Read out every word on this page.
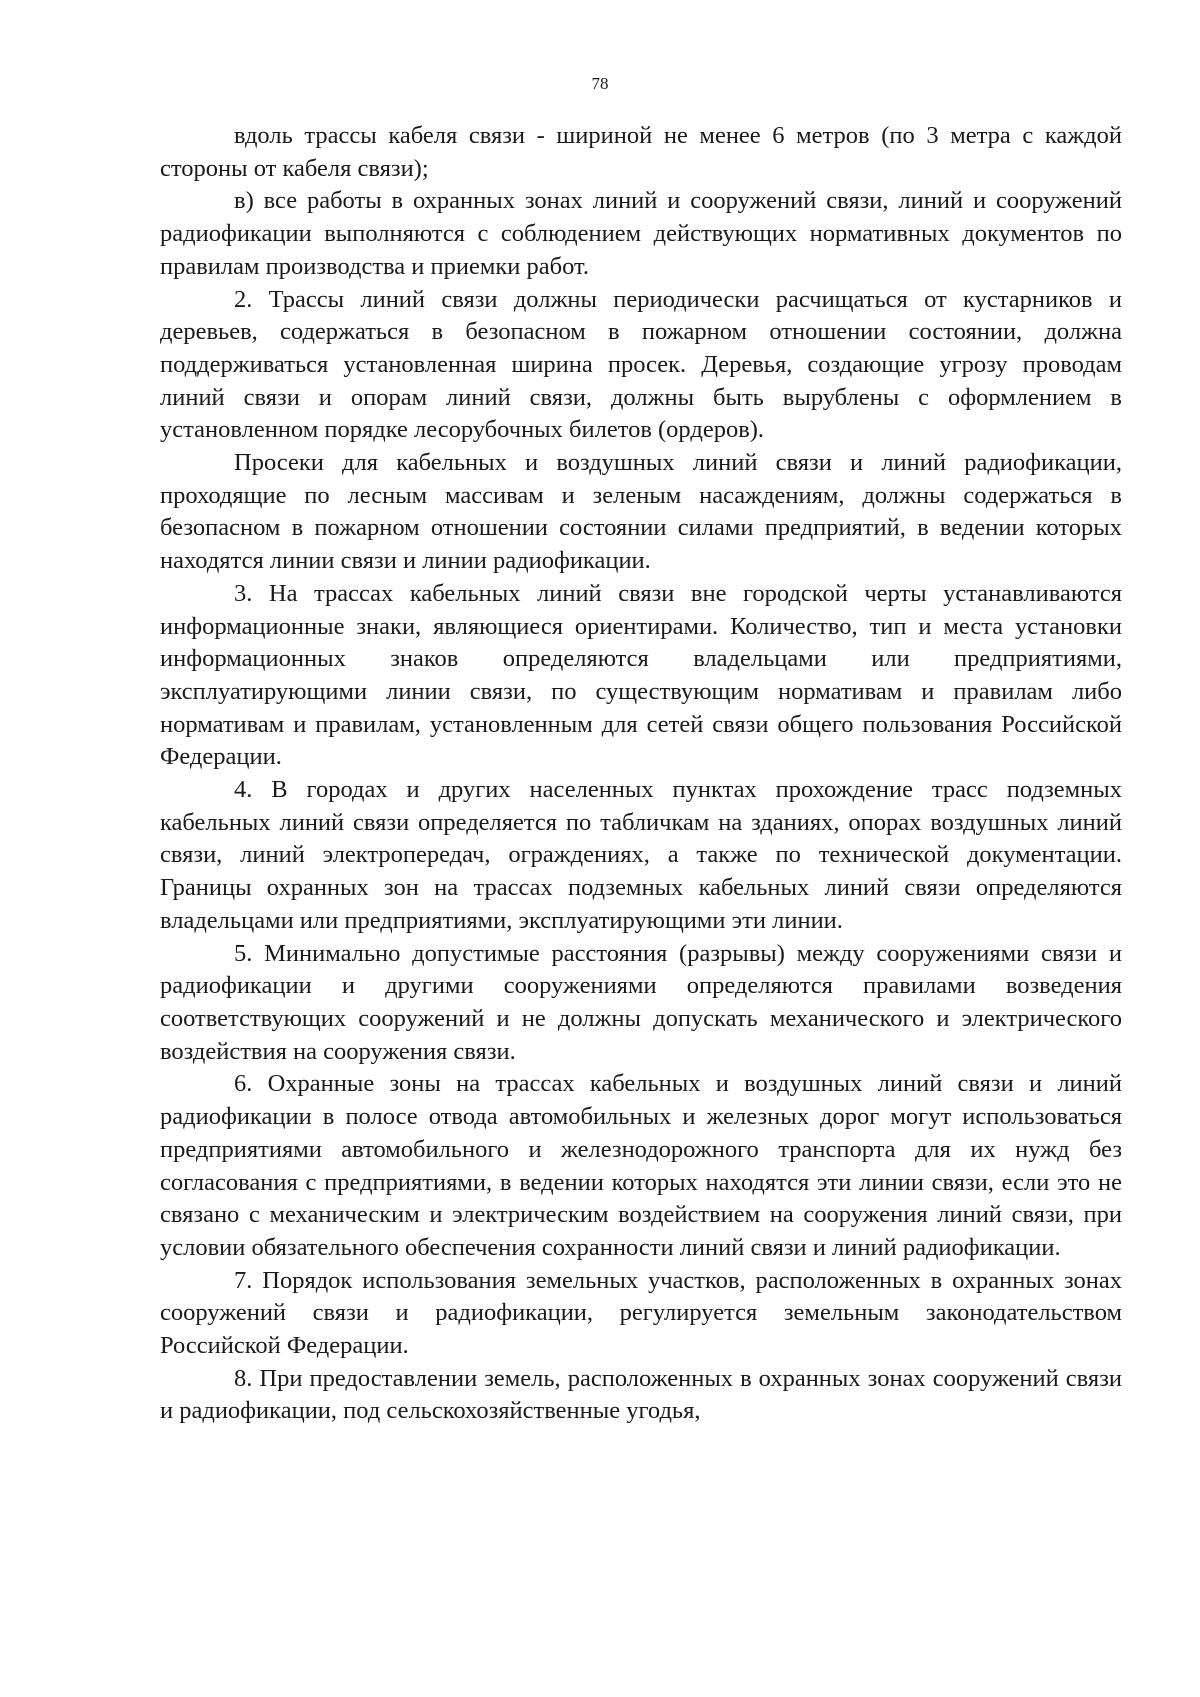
78

вдоль трассы кабеля связи - шириной не менее 6 метров (по 3 метра с каждой стороны от кабеля связи);

в) все работы в охранных зонах линий и сооружений связи, линий и сооружений радиофикации выполняются с соблюдением действующих нормативных документов по правилам производства и приемки работ.

2. Трассы линий связи должны периодически расчищаться от кустарников и деревьев, содержаться в безопасном в пожарном отношении состоянии, должна поддерживаться установленная ширина просек. Деревья, создающие угрозу проводам линий связи и опорам линий связи, должны быть вырублены с оформлением в установленном порядке лесорубочных билетов (ордеров).

Просеки для кабельных и воздушных линий связи и линий радиофикации, проходящие по лесным массивам и зеленым насаждениям, должны содержаться в безопасном в пожарном отношении состоянии силами предприятий, в ведении которых находятся линии связи и линии радиофикации.

3. На трассах кабельных линий связи вне городской черты устанавливаются информационные знаки, являющиеся ориентирами. Количество, тип и места установки информационных знаков определяются владельцами или предприятиями, эксплуатирующими линии связи, по существующим нормативам и правилам либо нормативам и правилам, установленным для сетей связи общего пользования Российской Федерации.

4. В городах и других населенных пунктах прохождение трасс подземных кабельных линий связи определяется по табличкам на зданиях, опорах воздушных линий связи, линий электропередач, ограждениях, а также по технической документации. Границы охранных зон на трассах подземных кабельных линий связи определяются владельцами или предприятиями, эксплуатирующими эти линии.

5. Минимально допустимые расстояния (разрывы) между сооружениями связи и радиофикации и другими сооружениями определяются правилами возведения соответствующих сооружений и не должны допускать механического и электрического воздействия на сооружения связи.

6. Охранные зоны на трассах кабельных и воздушных линий связи и линий радиофикации в полосе отвода автомобильных и железных дорог могут использоваться предприятиями автомобильного и железнодорожного транспорта для их нужд без согласования с предприятиями, в ведении которых находятся эти линии связи, если это не связано с механическим и электрическим воздействием на сооружения линий связи, при условии обязательного обеспечения сохранности линий связи и линий радиофикации.

7. Порядок использования земельных участков, расположенных в охранных зонах сооружений связи и радиофикации, регулируется земельным законодательством Российской Федерации.

8. При предоставлении земель, расположенных в охранных зонах сооружений связи и радиофикации, под сельскохозяйственные угодья,
